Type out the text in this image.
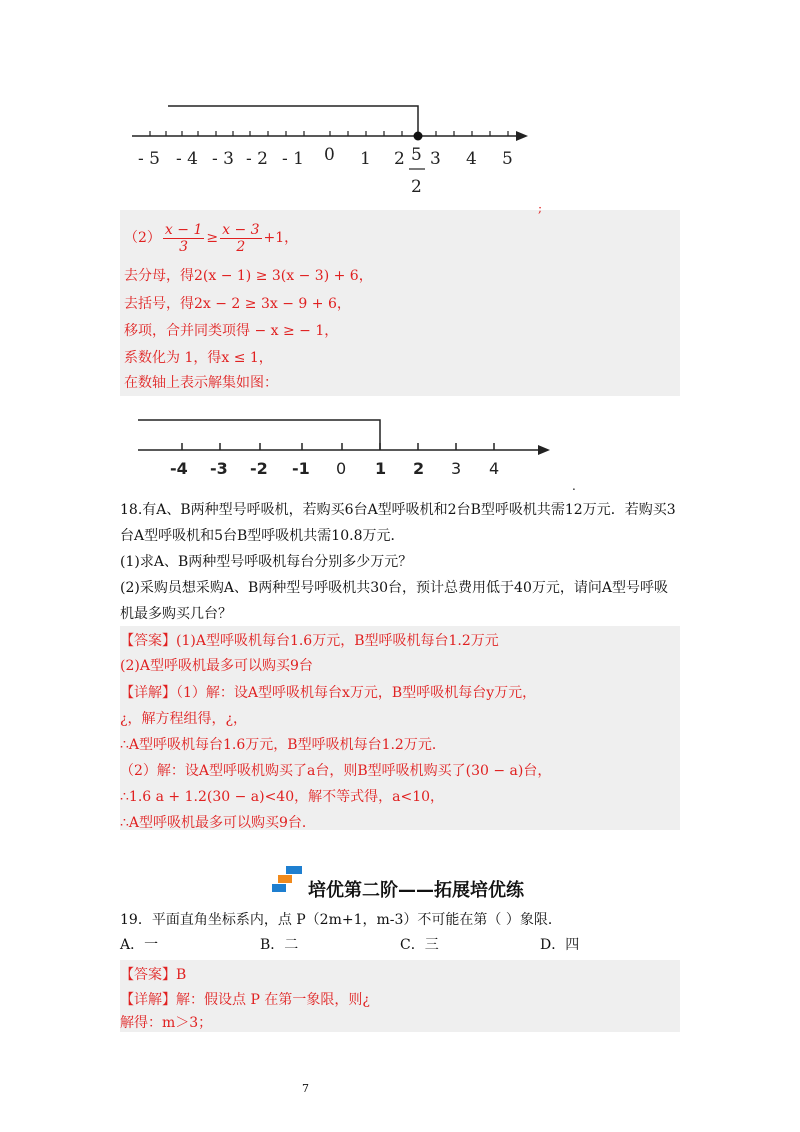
- 5 - 4 - 3 - 2 - 1 0 1 2 3 4 5
5
2
;
$(2) \frac{x - 1}{3} \ge \frac{x - 3}{2} +1$，
去分母，得2(x − 1) ≥ 3(x − 3) + 6，
去括号，得2x − 2 ≥ 3x − 9 + 6，
移项，合并同类项得 − x ≥ − 1，
系数化为 1，得x ≤ 1，
在数轴上表示解集如图：
-4 -3 -2 -1 0 1 2 3 4
.
18.有A、B两种型号呼吸机，若购买6台A型呼吸机和2台B型呼吸机共需12万元．若购买3
台A型呼吸机和5台B型呼吸机共需10.8万元．
(1)求A、B两种型号呼吸机每台分别多少万元？
(2)采购员想采购A、B两种型号呼吸机共30台，预计总费用低于40万元，请问A型号呼吸
机最多购买几台？
【答案】(1)A型呼吸机每台1.6万元，B型呼吸机每台1.2万元
(2)A型呼吸机最多可以购买9台
【详解】（1）解：设A型呼吸机每台x万元，B型呼吸机每台y万元，
¿，解方程组得，¿，
∴A型呼吸机每台1.6万元，B型呼吸机每台1.2万元．
（2）解：设A型呼吸机购买了a台，则B型呼吸机购买了(30 − a)台，
∴1.6 a + 1.2(30 − a)<40，解不等式得，a<10，
∴A型呼吸机最多可以购买9台．
培优第二阶——拓展培优练
19．平面直角坐标系内，点 P（2m+1，m-3）不可能在第（ ）象限．
A．一	B．二	C．三	D．四
【答案】B
【详解】解：假设点 P 在第一象限，则¿
解得：m＞3；
7
